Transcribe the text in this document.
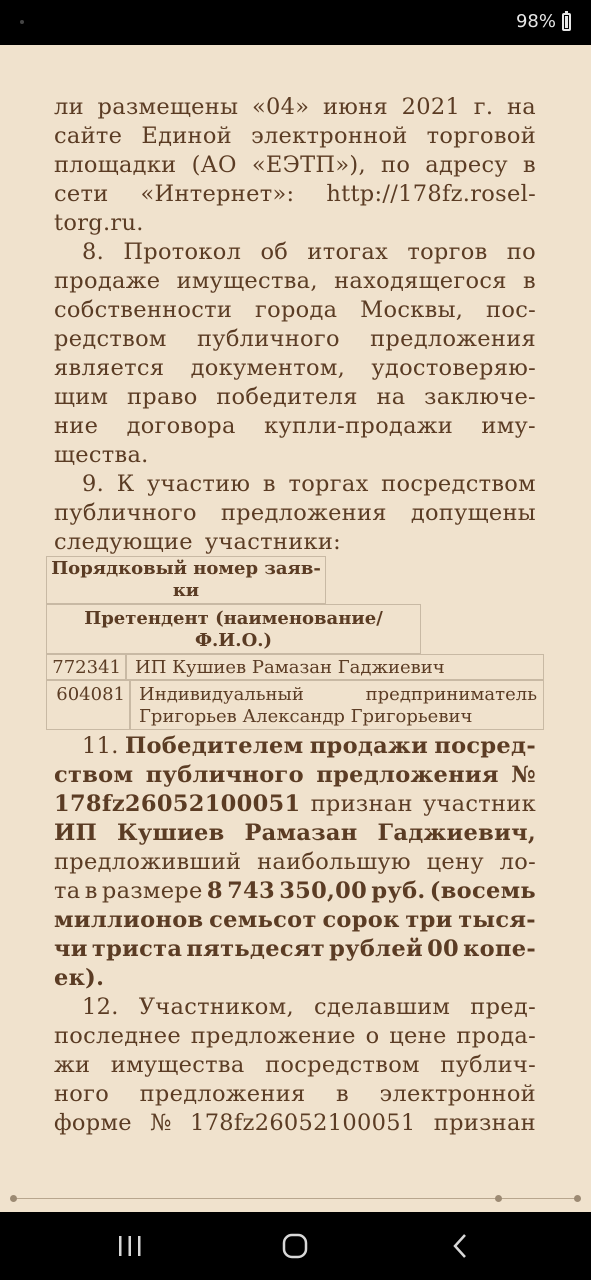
98%
ли размещены «04» июня 2021 г. на
сайте Единой электронной торговой
площадки (АО «ЕЭТП»), по адресу в
сети «Интернет»: http://178fz.rosel-
torg.ru.
8. Протокол об итогах торгов по
продаже имущества, находящегося в
собственности города Москвы, пос-
редством публичного предложения
является документом, удостоверяю-
щим право победителя на заключе-
ние договора купли-продажи иму-
щества.
9. К участию в торгах посредством
публичного предложения допущены
следующие участники:
Порядковый номер заяв-
ки
Претендент (наименование/
Ф.И.О.)
772341 ИП Кушиев Рамазан Гаджиевич
604081 Индивидуальный	предприниматель
Григорьев Александр Григорьевич
11. Победителем продажи посред-
ством публичного предложения №
178fz26052100051 признан участник
ИП Кушиев Рамазан Гаджиевич,
предложивший наибольшую цену ло-
та в размере 8 743 350,00 руб. (восемь
миллионов семьсот сорок три тыся-
чи триста пятьдесят рублей 00 копе-
ек ).
12. Участником, сделавшим пред-
последнее предложение о цене прода-
жи имущества посредством публич-
ного предложения в электронной
форме № 178fz26052100051 признан
